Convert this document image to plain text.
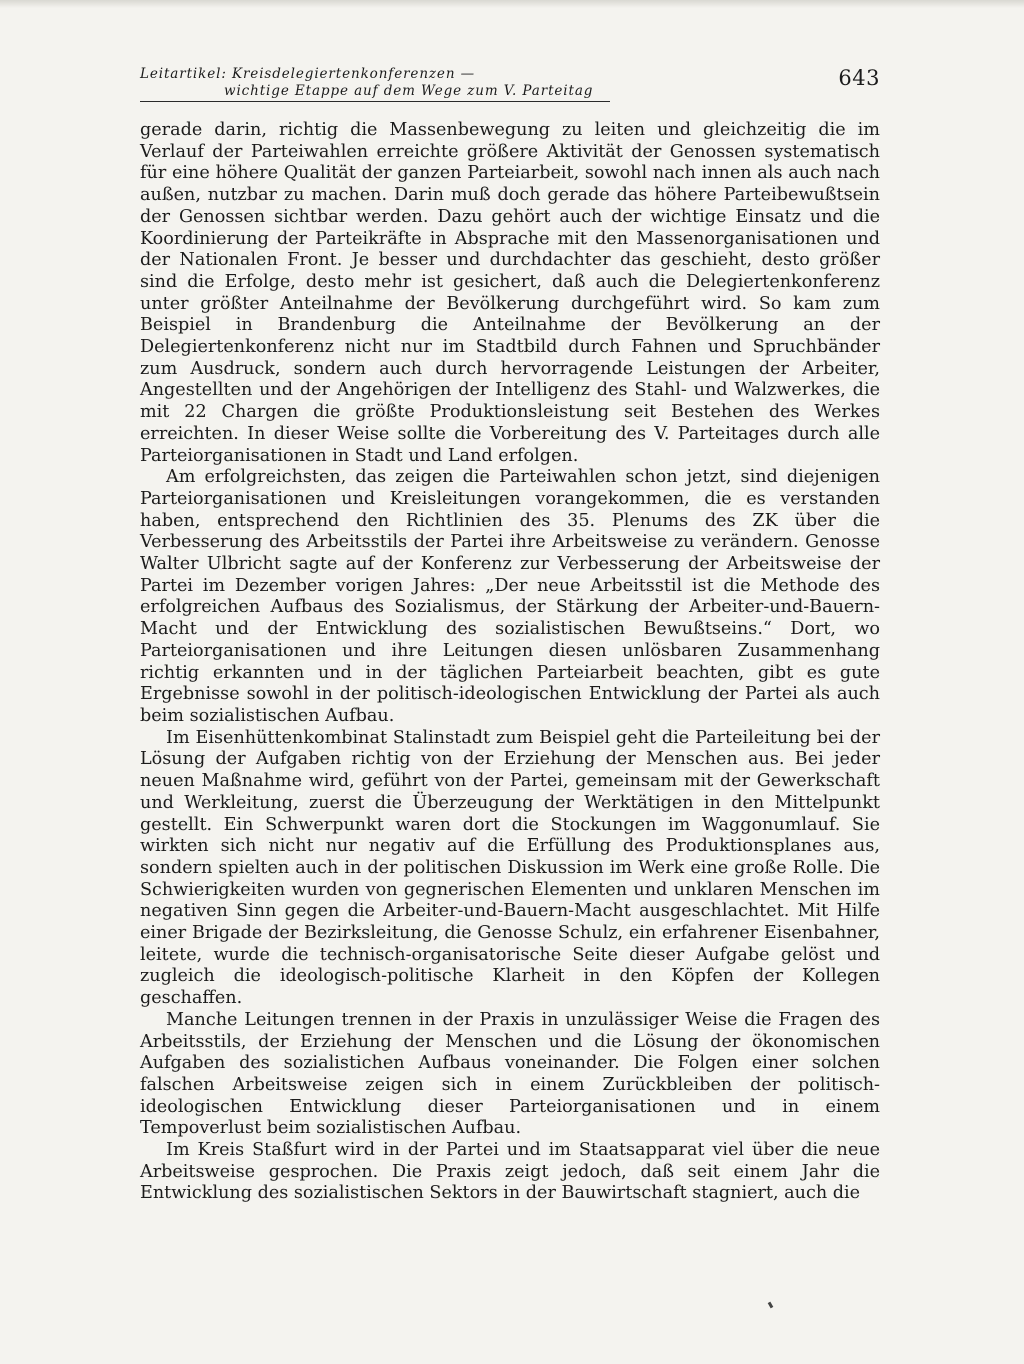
Leitartikel: Kreisdelegiertenkonferenzen —
wichtige Etappe auf dem Wege zum V. Parteitag
643

gerade darin, richtig die Massenbewegung zu leiten und gleichzeitig die im Verlauf der Parteiwahlen erreichte größere Aktivität der Genossen systematisch für eine höhere Qualität der ganzen Parteiarbeit, sowohl nach innen als auch nach außen, nutzbar zu machen. Darin muß doch gerade das höhere Parteibewußtsein der Genossen sichtbar werden. Dazu gehört auch der wichtige Einsatz und die Koordinierung der Parteikräfte in Absprache mit den Massenorganisationen und der Nationalen Front. Je besser und durchdachter das geschieht, desto größer sind die Erfolge, desto mehr ist gesichert, daß auch die Delegiertenkonferenz unter größter Anteilnahme der Bevölkerung durchgeführt wird. So kam zum Beispiel in Brandenburg die Anteilnahme der Bevölkerung an der Delegiertenkonferenz nicht nur im Stadtbild durch Fahnen und Spruchbänder zum Ausdruck, sondern auch durch hervorragende Leistungen der Arbeiter, Angestellten und der Angehörigen der Intelligenz des Stahl- und Walzwerkes, die mit 22 Chargen die größte Produktionsleistung seit Bestehen des Werkes erreichten. In dieser Weise sollte die Vorbereitung des V. Parteitages durch alle Parteiorganisationen in Stadt und Land erfolgen.

Am erfolgreichsten, das zeigen die Parteiwahlen schon jetzt, sind diejenigen Parteiorganisationen und Kreisleitungen vorangekommen, die es verstanden haben, entsprechend den Richtlinien des 35. Plenums des ZK über die Verbesserung des Arbeitsstils der Partei ihre Arbeitsweise zu verändern. Genosse Walter Ulbricht sagte auf der Konferenz zur Verbesserung der Arbeitsweise der Partei im Dezember vorigen Jahres: „Der neue Arbeitsstil ist die Methode des erfolgreichen Aufbaus des Sozialismus, der Stärkung der Arbeiter-und-Bauern-Macht und der Entwicklung des sozialistischen Bewußtseins.“ Dort, wo Parteiorganisationen und ihre Leitungen diesen unlösbaren Zusammenhang richtig erkannten und in der täglichen Parteiarbeit beachten, gibt es gute Ergebnisse sowohl in der politisch-ideologischen Entwicklung der Partei als auch beim sozialistischen Aufbau.

Im Eisenhüttenkombinat Stalinstadt zum Beispiel geht die Parteileitung bei der Lösung der Aufgaben richtig von der Erziehung der Menschen aus. Bei jeder neuen Maßnahme wird, geführt von der Partei, gemeinsam mit der Gewerkschaft und Werkleitung, zuerst die Überzeugung der Werktätigen in den Mittelpunkt gestellt. Ein Schwerpunkt waren dort die Stockungen im Waggonumlauf. Sie wirkten sich nicht nur negativ auf die Erfüllung des Produktionsplanes aus, sondern spielten auch in der politischen Diskussion im Werk eine große Rolle. Die Schwierigkeiten wurden von gegnerischen Elementen und unklaren Menschen im negativen Sinn gegen die Arbeiter-und-Bauern-Macht ausgeschlachtet. Mit Hilfe einer Brigade der Bezirksleitung, die Genosse Schulz, ein erfahrener Eisenbahner, leitete, wurde die technisch-organisatorische Seite dieser Aufgabe gelöst und zugleich die ideologisch-politische Klarheit in den Köpfen der Kollegen geschaffen.

Manche Leitungen trennen in der Praxis in unzulässiger Weise die Fragen des Arbeitsstils, der Erziehung der Menschen und die Lösung der ökonomischen Aufgaben des sozialistichen Aufbaus voneinander. Die Folgen einer solchen falschen Arbeitsweise zeigen sich in einem Zurückbleiben der politisch-ideologischen Entwicklung dieser Parteiorganisationen und in einem Tempoverlust beim sozialistischen Aufbau.

Im Kreis Staßfurt wird in der Partei und im Staatsapparat viel über die neue Arbeitsweise gesprochen. Die Praxis zeigt jedoch, daß seit einem Jahr die Entwicklung des sozialistischen Sektors in der Bauwirtschaft stagniert, auch die
